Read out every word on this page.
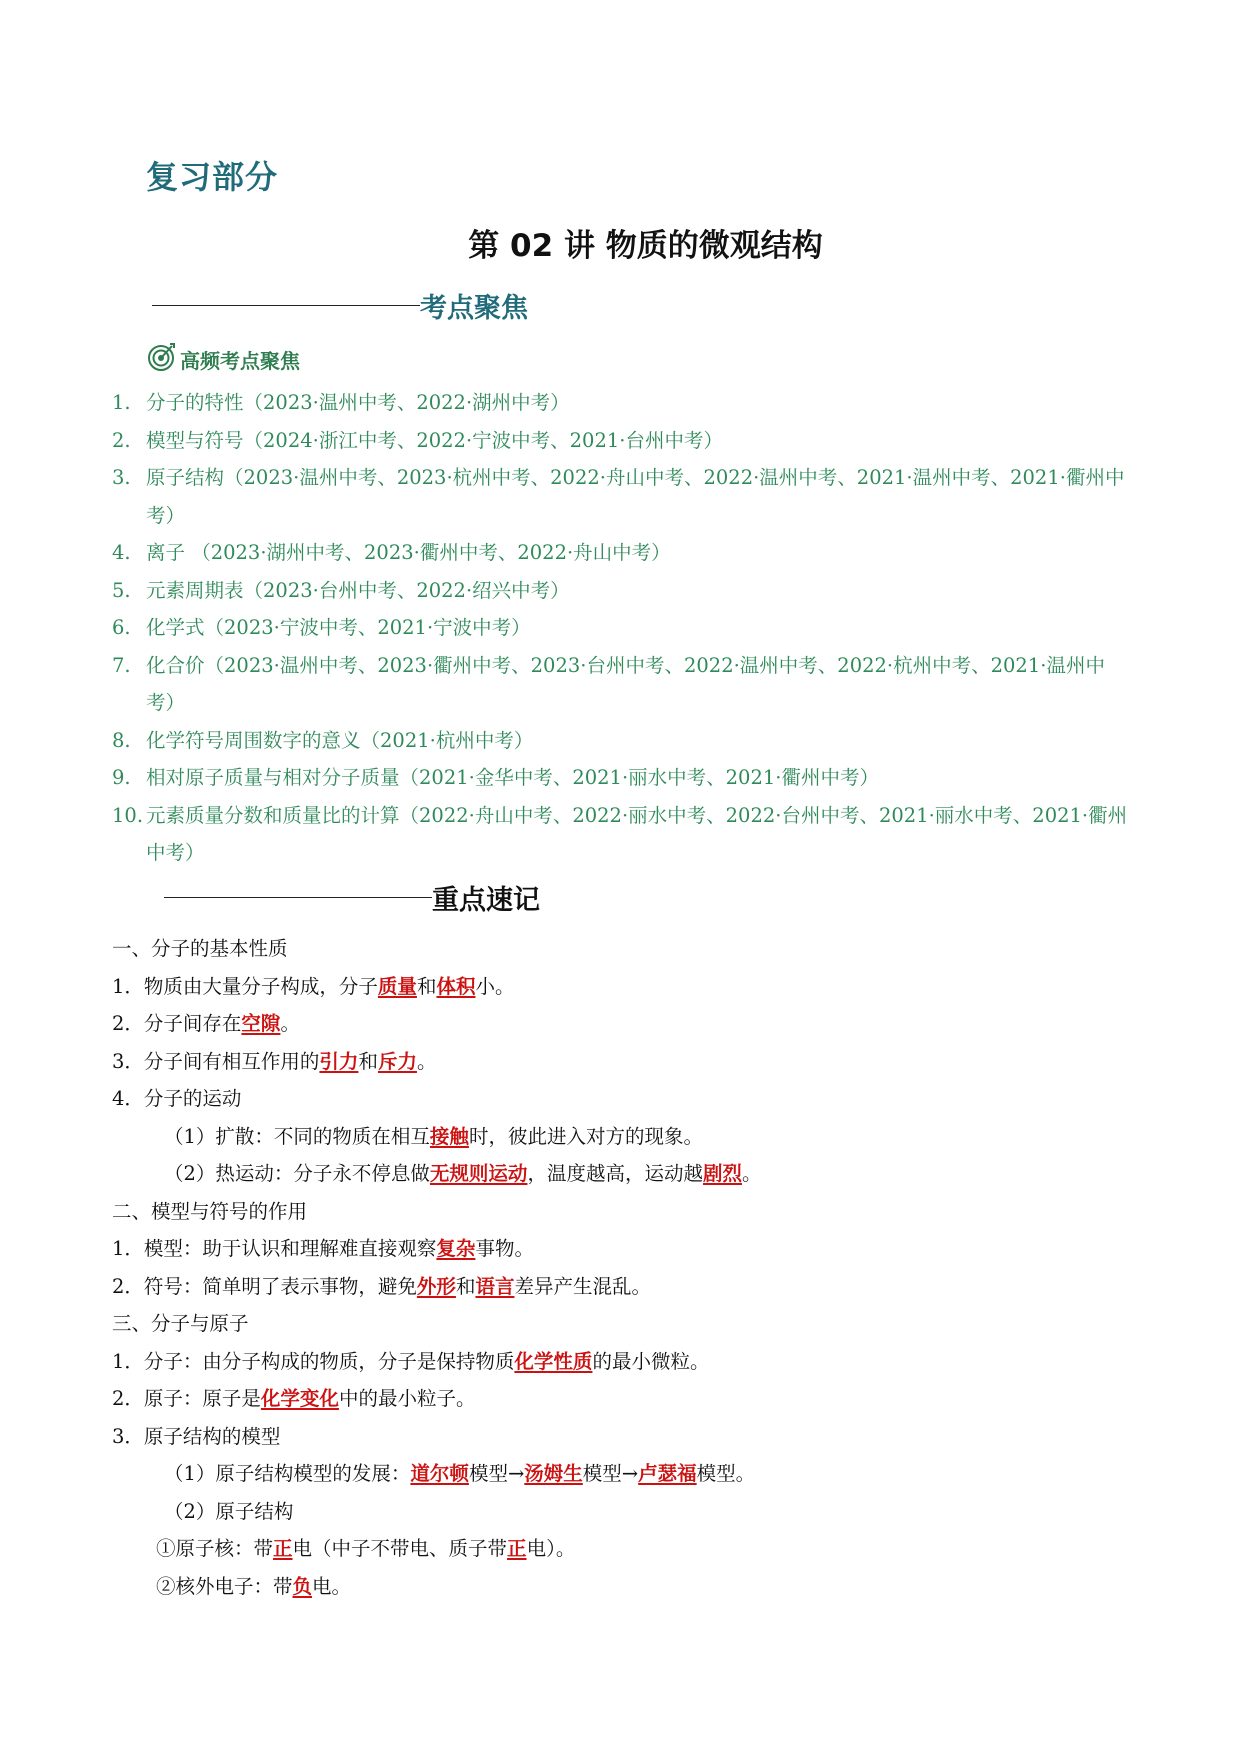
复习部分
第 02 讲 物质的微观结构
考点聚焦
高频考点聚焦
1. 分子的特性（2023·温州中考、2022·湖州中考）
2. 模型与符号（2024·浙江中考、2022·宁波中考、2021·台州中考）
3. 原子结构（2023·温州中考、2023·杭州中考、2022·舟山中考、2022·温州中考、2021·温州中考、2021·衢州中考）
4. 离子 （2023·湖州中考、2023·衢州中考、2022·舟山中考）
5. 元素周期表（2023·台州中考、2022·绍兴中考）
6. 化学式（2023·宁波中考、2021·宁波中考）
7. 化合价（2023·温州中考、2023·衢州中考、2023·台州中考、2022·温州中考、2022·杭州中考、2021·温州中考）
8. 化学符号周围数字的意义（2021·杭州中考）
9. 相对原子质量与相对分子质量（2021·金华中考、2021·丽水中考、2021·衢州中考）
10. 元素质量分数和质量比的计算（2022·舟山中考、2022·丽水中考、2022·台州中考、2021·丽水中考、2021·衢州中考）
重点速记
一、分子的基本性质
1．物质由大量分子构成，分子质量和体积小。
2．分子间存在空隙。
3．分子间有相互作用的引力和斥力。
4．分子的运动
（1）扩散：不同的物质在相互接触时，彼此进入对方的现象。
（2）热运动：分子永不停息做无规则运动，温度越高，运动越剧烈。
二、模型与符号的作用
1．模型：助于认识和理解难直接观察复杂事物。
2．符号：简单明了表示事物，避免外形和语言差异产生混乱。
三、分子与原子
1．分子：由分子构成的物质，分子是保持物质化学性质的最小微粒。
2．原子：原子是化学变化中的最小粒子。
3．原子结构的模型
（1）原子结构模型的发展：道尔顿模型→汤姆生模型→卢瑟福模型。
（2）原子结构
①原子核：带正电（中子不带电、质子带正电）。
②核外电子：带负电。
